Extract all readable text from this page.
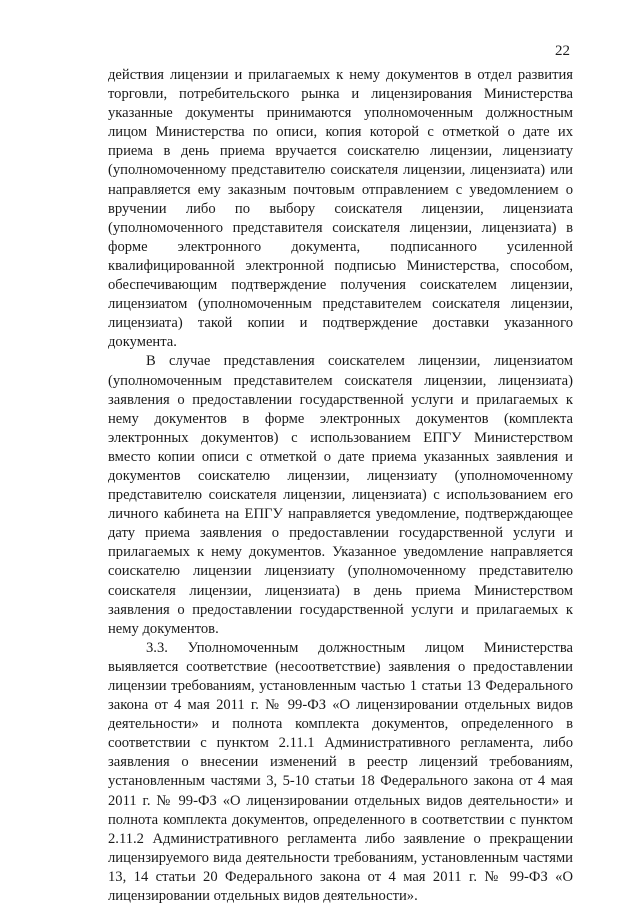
22

действия лицензии и прилагаемых к нему документов в отдел развития торговли, потребительского рынка и лицензирования Министерства указанные документы принимаются уполномоченным должностным лицом Министерства по описи, копия которой с отметкой о дате их приема в день приема вручается соискателю лицензии, лицензиату (уполномоченному представителю соискателя лицензии, лицензиата) или направляется ему заказным почтовым отправлением с уведомлением о вручении либо по выбору соискателя лицензии, лицензиата (уполномоченного представителя соискателя лицензии, лицензиата) в форме электронного документа, подписанного усиленной квалифицированной электронной подписью Министерства, способом, обеспечивающим подтверждение получения соискателем лицензии, лицензиатом (уполномоченным представителем соискателя лицензии, лицензиата) такой копии и подтверждение доставки указанного документа.

В случае представления соискателем лицензии, лицензиатом (уполномоченным представителем соискателя лицензии, лицензиата) заявления о предоставлении государственной услуги и прилагаемых к нему документов в форме электронных документов (комплекта электронных документов) с использованием ЕПГУ Министерством вместо копии описи с отметкой о дате приема указанных заявления и документов соискателю лицензии, лицензиату (уполномоченному представителю соискателя лицензии, лицензиата) с использованием его личного кабинета на ЕПГУ направляется уведомление, подтверждающее дату приема заявления о предоставлении государственной услуги и прилагаемых к нему документов. Указанное уведомление направляется соискателю лицензии лицензиату (уполномоченному представителю соискателя лицензии, лицензиата) в день приема Министерством заявления о предоставлении государственной услуги и прилагаемых к нему документов.

3.3. Уполномоченным должностным лицом Министерства выявляется соответствие (несоответствие) заявления о предоставлении лицензии требованиям, установленным частью 1 статьи 13 Федерального закона от 4 мая 2011 г. № 99-ФЗ «О лицензировании отдельных видов деятельности» и полнота комплекта документов, определенного в соответствии с пунктом 2.11.1 Административного регламента, либо заявления о внесении изменений в реестр лицензий требованиям, установленным частями 3, 5-10 статьи 18 Федерального закона от 4 мая 2011 г. № 99-ФЗ «О лицензировании отдельных видов деятельности» и полнота комплекта документов, определенного в соответствии с пунктом 2.11.2 Административного регламента либо заявление о прекращении лицензируемого вида деятельности требованиям, установленным частями 13, 14 статьи 20 Федерального закона от 4 мая 2011 г. № 99-ФЗ «О лицензировании отдельных видов деятельности».
